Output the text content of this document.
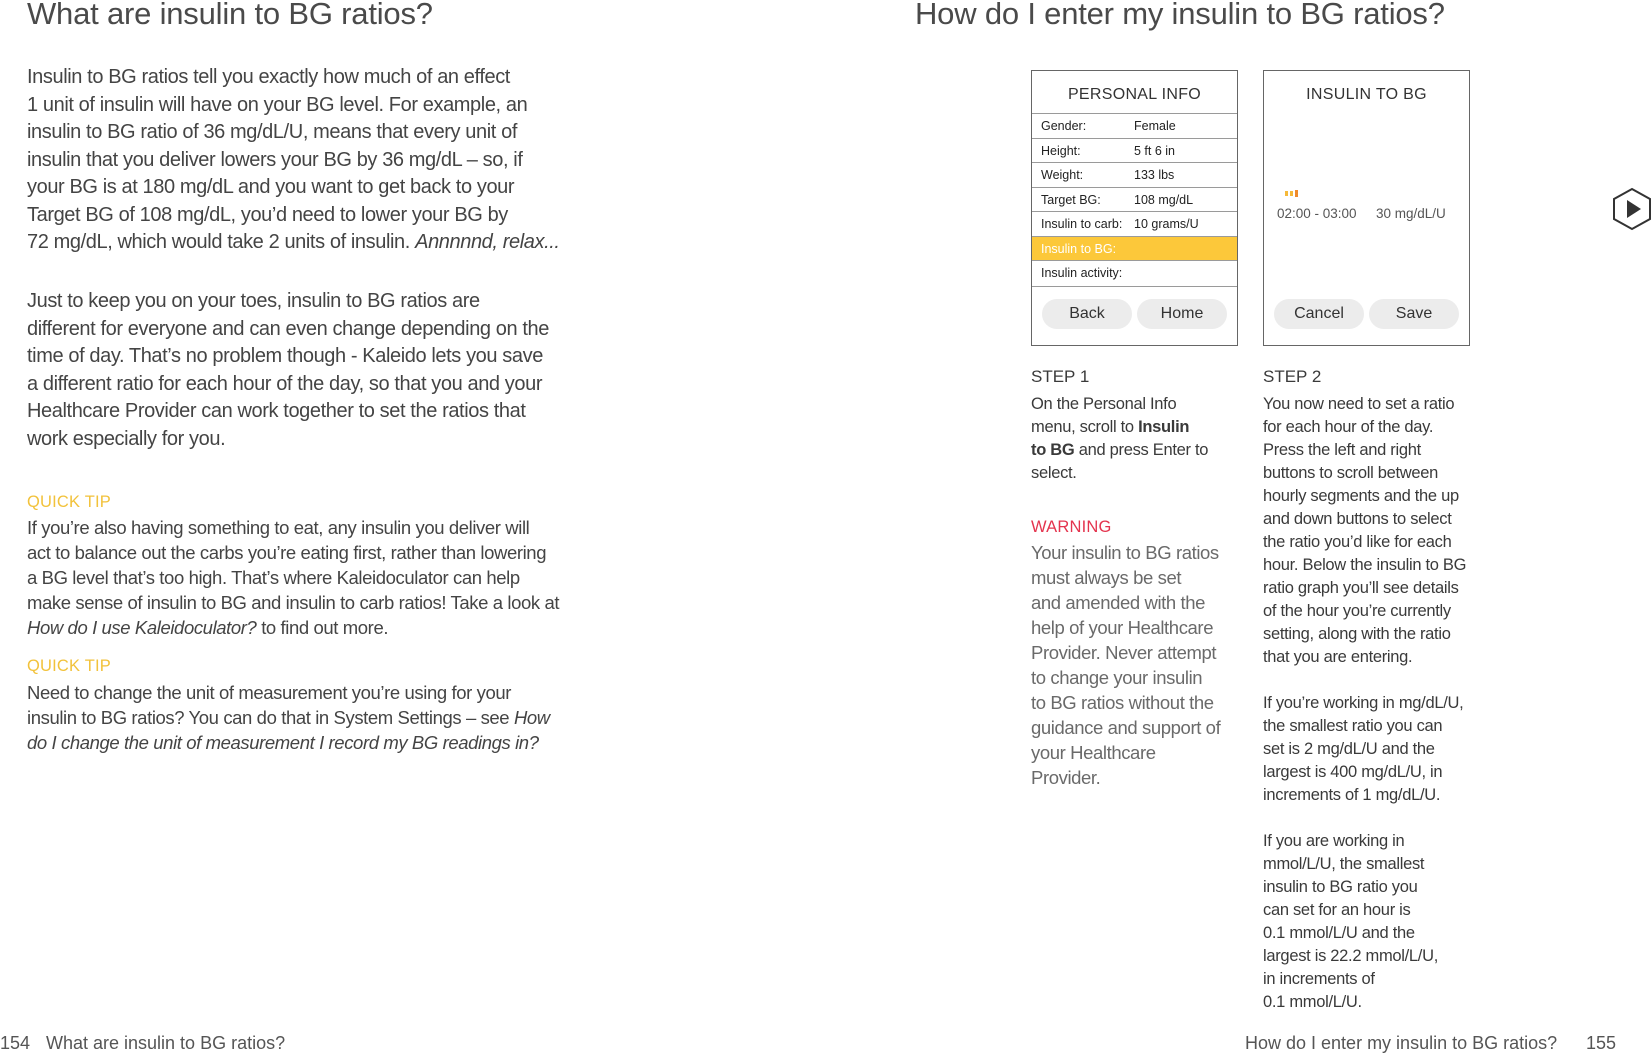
What are insulin to BG ratios?

Insulin to BG ratios tell you exactly how much of an effect

1 unit of insulin will have on your BG level. For example, an

insulin to BG ratio of 36 mg/dL/U, means that every unit of

insulin that you deliver lowers your BG by 36 mg/dL – so, if

your BG is at 180 mg/dL and you want to get back to your

Target BG of 108 mg/dL, you’d need to lower your BG by

72 mg/dL, which would take 2 units of insulin. Annnnnd, relax...

Just to keep you on your toes, insulin to BG ratios are

different for everyone and can even change depending on the

time of day. That’s no problem though - Kaleido lets you save

a different ratio for each hour of the day, so that you and your

Healthcare Provider can work together to set the ratios that

work especially for you.

QUICK TIP

If you’re also having something to eat, any insulin you deliver will

act to balance out the carbs you’re eating first, rather than lowering

a BG level that’s too high. That’s where Kaleidoculator can help

make sense of insulin to BG and insulin to carb ratios! Take a look at

How do I use Kaleidoculator? to find out more.

QUICK TIP

Need to change the unit of measurement you’re using for your

insulin to BG ratios? You can do that in System Settings – see How

do I change the unit of measurement I record my BG readings in?

154 What are insulin to BG ratios?
How do I enter my insulin to BG ratios?
PERSONAL INFO
Gender:	Female
Height:	5 ft 6 in
Weight:	133 lbs
Target BG:	108 mg/dL
Insulin to carb: 10 grams/U
Insulin to BG:
Insulin activity:
Back	Home
INSULIN TO BG
02:00 - 03:00 30 mg/dL/U
Cancel	Save
STEP 1

On the Personal Info

menu, scroll to Insulin

to BG and press Enter to

select.

WARNING

Your insulin to BG ratios

must always be set

and amended with the

help of your Healthcare

Provider. Never attempt

to change your insulin

to BG ratios without the

guidance and support of

your Healthcare

Provider.

STEP 2

You now need to set a ratio

for each hour of the day.

Press the left and right

buttons to scroll between

hourly segments and the up

and down buttons to select

the ratio you’d like for each

hour. Below the insulin to BG

ratio graph you’ll see details

of the hour you’re currently

setting, along with the ratio

that you are entering.

If you’re working in mg/dL/U,

the smallest ratio you can

set is 2 mg/dL/U and the

largest is 400 mg/dL/U, in

increments of 1 mg/dL/U.

If you are working in

mmol/L/U, the smallest

insulin to BG ratio you

can set for an hour is

0.1 mmol/L/U and the

largest is 22.2 mmol/L/U,

in increments of

0.1 mmol/L/U.

How do I enter my insulin to BG ratios? 155
